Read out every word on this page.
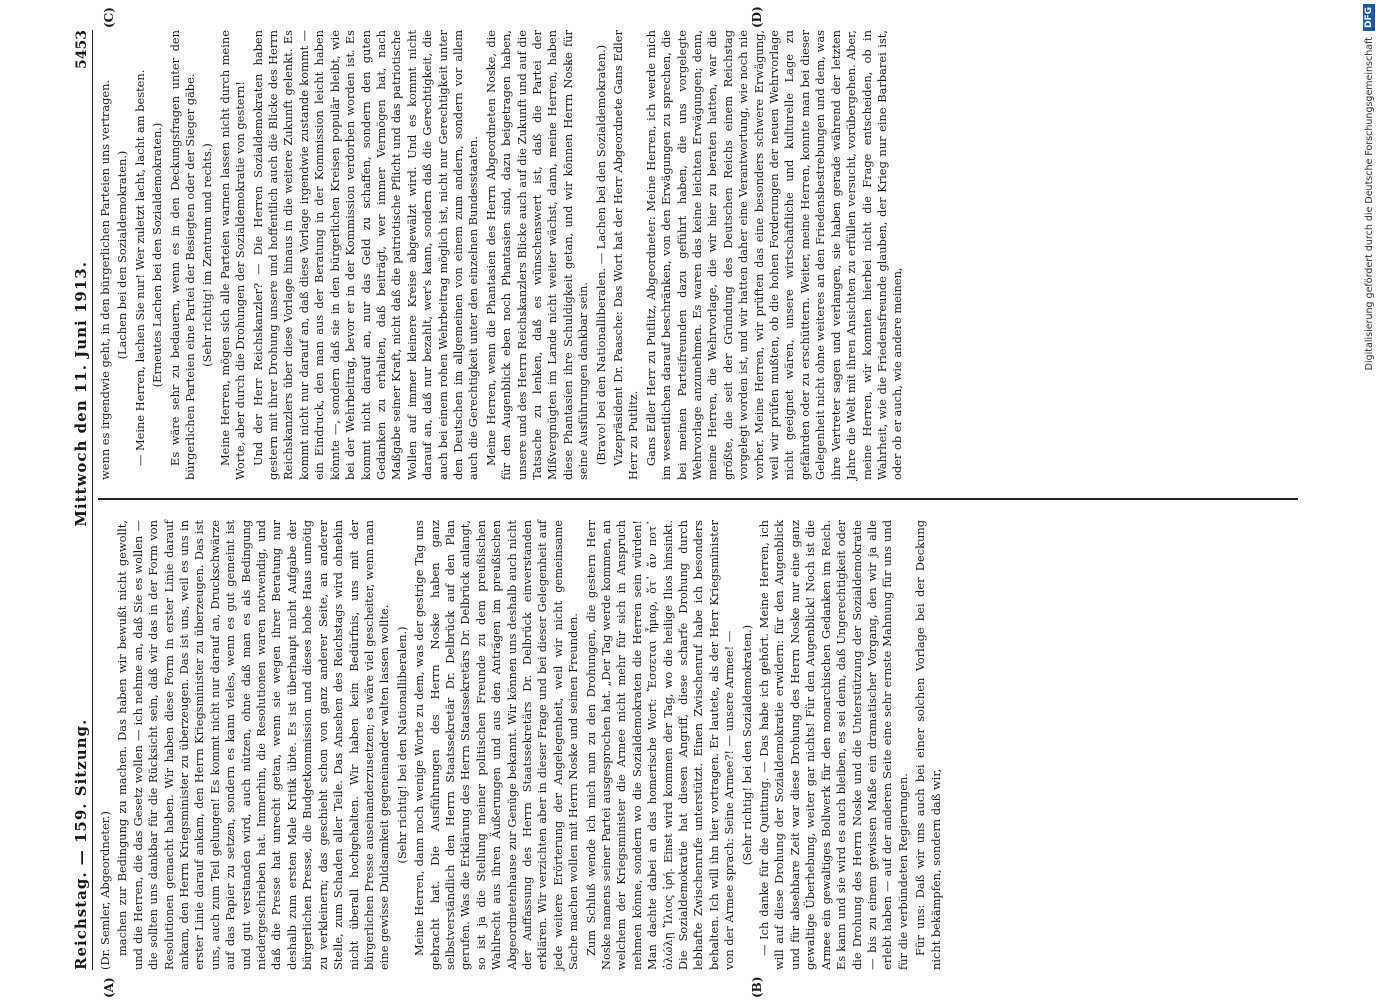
Reichstag. — 159. Sitzung.
Mittwoch den 11. Juni 1913.
5453

(Dr. Semler, Abgeordneter.) machen zur Bedingung zu machen. Das haben wir bewußt nicht gewollt, und die Herren, die das Gesetz wollen — ich nehme an, daß Sie es wollen — die sollten uns dankbar für die Rücksicht sein, daß wir das in der Form von Resolutionen gemacht haben. Wir haben diese Form in erster Linie darauf ankam, den Herrn Kriegsminister zu überzeugen. Das ist uns, weil es uns in erster Linie darauf ankam, den Herrn Kriegsminister zu überzeugen. Das ist uns, auch zum Teil gelungen! Es kommt nicht nur darauf an, Druckschwärze auf das Papier zu setzen, sondern es kann vieles, wenn es gut gemeint ist und gut verstanden wird, auch nützen, ohne daß man es als Bedingung niedergeschrieben hat. Immerhin, die Resolutionen waren notwendig, und daß die Presse hat unrecht getan, wenn sie wegen ihrer Beratung nur deshalb zum ersten Male Kritik übte. Es ist überhaupt nicht Aufgabe der bürgerlichen Presse, die Budgetkommission und dieses hohe Haus unnötig zu verkleinern; das geschieht schon von ganz anderer Seite, an anderer Stelle, zum Schaden aller Teile. Das Ansehen des Reichstags wird ohnehin nicht überall hochgehalten. Wir haben kein Bedürfnis, uns mit der bürgerlichen Presse auseinanderzusetzen; es wäre viel gescheiter, wenn man eine gewisse Duldsamkeit gegeneinander walten lassen wollte. (Sehr richtig! bei den Nationalliberalen.) Meine Herren, dann noch wenige Worte zu dem, was der gestrige Tag uns gebracht hat. Die Ausführungen des Herrn Noske haben ganz selbstverständlich den Herrn Staatssekretär Dr. Delbrück auf den Plan gerufen. Was die Erklärung des Herrn Staatssekretärs Dr. Delbrück anlangt, so ist ja die Stellung meiner politischen Freunde zu dem preußischen Wahlrecht aus ihren Äußerungen und aus den Anträgen im preußischen Abgeordnetenhause zur Genüge bekannt. Wir können uns deshalb auch nicht der Auffassung des Herrn Staatssekretärs Dr. Delbrück einverstanden erklären. Wir verzichten aber in dieser Frage und bei dieser Gelegenheit auf jede weitere Erörterung der Angelegenheit, weil wir nicht gemeinsame Sache machen wollen mit Herrn Noske und seinen Freunden. Zum Schluß wende ich mich nun zu den Drohungen, die gestern Herr Noske namens seiner Partei ausgesprochen hat. „Der Tag werde kommen, an welchem der Kriegsminister die Armee nicht mehr für sich in Anspruch nehmen könne, sondern wo die Sozialdemokraten die Herren sein würden! Man dachte dabei an das homerische Wort: Ἔσσεται ἦμαρ, ὅτ᾽ ἄν ποτ᾽ ὀλώλῃ Ἴλιος ἱρή. Einst wird kommen der Tag, wo die heilige Ilios hinsinkt. Die Sozialdemokratie hat diesen Angriff, diese scharfe Drohung durch lebhafte Zwischenrufe unterstützt. Einen Zwischenruf habe ich besonders behalten. Ich will ihn hier vortragen. Er lautete, als der Herr Kriegsminister von der Armee sprach: Seine Armee?! — unsere Armee! — (Sehr richtig! bei den Sozialdemokraten.) — Ich danke für die Quittung. — Das habe ich gehört. Meine Herren, ich will auf diese Drohung der Sozialdemokratie erwidern: für den Augenblick und für absehbare Zeit war diese Drohung des Herrn Noske nur eine ganz gewaltige Überhebung, weiter gar nichts! Für den Augenblick! Noch ist die Armee ein gewaltiges Bollwerk für den monarchischen Gedanken im Reich. Es kann und sie wird es auch bleiben, es sei denn, daß Ungerechtigkeit oder die Drohung des Herrn Noske und die Unterstützung der Sozialdemokratie — bis zu einem gewissen Maße ein dramatischer Vorgang, den wir ja alle erlebt haben — auf der anderen Seite eine sehr ernste Mahnung für uns und für die verbündeten Regierungen. Für uns: Daß wir uns auch bei einer solchen Vorlage bei der Deckung nicht bekämpfen, sondern daß wir,

wenn es irgendwie geht, in den bürgerlichen Parteien uns vertragen. (Lachen bei den Sozialdemokraten.) — Meine Herren, lachen Sie nur! Wer zuletzt lacht, lacht am besten. (Erneutes Lachen bei den Sozialdemokraten.) Es wäre sehr zu bedauern, wenn es in den Deckungsfragen unter den bürgerlichen Parteien eine Partei der Besiegten oder der Sieger gäbe. (Sehr richtig! im Zentrum und rechts.) Meine Herren, mögen sich alle Parteien warnen lassen nicht durch meine Worte, aber durch die Drohungen der Sozialdemokratie von gestern! Und der Herr Reichskanzler? — Die Herren Sozialdemokraten haben gestern mit ihrer Drohung unsere und hoffentlich auch die Blicke des Herrn Reichskanzlers über diese Vorlage hinaus in die weitere Zukunft gelenkt. Es kommt nicht nur darauf an, daß diese Vorlage irgendwie zustande kommt — ein Eindruck, den man aus der Beratung in der Kommission leicht haben könnte —, sondern daß sie in den bürgerlichen Kreisen populär bleibt, wie bei der Wehrbeitrag, bevor er in der Kommission verdorben worden ist. Es kommt nicht darauf an, nur das Geld zu schaffen, sondern den guten Gedanken zu erhalten, daß beiträgt, wer immer Vermögen hat, nach Maßgabe seiner Kraft, nicht daß die patriotische Pflicht und das patriotische Wollen auf immer kleinere Kreise abgewälzt wird. Und es kommt nicht darauf an, daß nur bezahlt, wer's kann, sondern daß die Gerechtigkeit, die auch bei einem rohen Wehrbeitrag möglich ist, nicht nur Gerechtigkeit unter den Deutschen im allgemeinen von einem zum andern, sondern vor allem auch die Gerechtigkeit unter den einzelnen Bundesstaaten. Meine Herren, wenn die Phantasien des Herrn Abgeordneten Noske, die für den Augenblick eben noch Phantasien sind, dazu beigetragen haben, unsere und des Herrn Reichskanzlers Blicke auch auf die Zukunft und auf die Tatsache zu lenken, daß es wünschenswert ist, daß die Partei der Mißvergnügten im Lande nicht weiter wächst, dann, meine Herren, haben diese Phantasien ihre Schuldigkeit getan, und wir können Herrn Noske für seine Ausführungen dankbar sein. (Bravo! bei den Nationalliberalen. — Lachen bei den Sozialdemokraten.) Vizepräsident Dr. Paasche: Das Wort hat der Herr Abgeordnete Gans Edler Herr zu Putlitz. Gans Edler Herr zu Putlitz, Abgeordneter: Meine Herren, ich werde mich im wesentlichen darauf beschränken, von den Erwägungen zu sprechen, die bei meinen Parteifreunden dazu geführt haben, die uns vorgelegte Wehrvorlage anzunehmen. Es waren das keine leichten Erwägungen; denn, meine Herren, die Wehrvorlage, die wir hier zu beraten hatten, war die größte, die seit der Gründung des Deutschen Reichs einem Reichstag vorgelegt worden ist, und wir hatten daher eine Verantwortung, wie noch nie vorher. Meine Herren, wir prüften das eine besonders schwere Erwägung, weil wir prüfen mußten, ob die hohen Forderungen der neuen Wehrvorlage nicht geeignet wären, unsere wirtschaftliche und kulturelle Lage zu gefährden oder zu erschüttern. Weiter, meine Herren, konnte man bei dieser Gelegenheit nicht ohne weiteres an den Friedensbestrebungen und dem, was ihre Vertreter sagen und verlangen, sie haben gerade während der letzten Jahre die Welt mit ihren Ansichten zu erfüllen versucht, vorübergehen. Aber, meine Herren, wir konnten hierbei nicht die Frage entscheiden, ob in Wahrheit, wie die Friedensfreunde glauben, der Krieg nur eine Barbarei ist, oder ob er auch, wie andere meinen,

(A)	(B)
(C)	(D)
Digitalisierung gefördert durch die Deutsche Forschungsgemeinschaft
DFG
